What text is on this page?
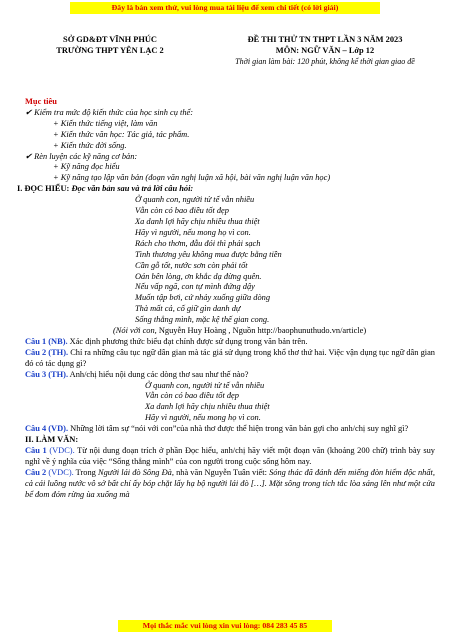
Đây là bản xem thử, vui lòng mua tài liệu để xem chi tiết (có lời giải)
SỞ GD&ĐT VĨNH PHÚC
TRƯỜNG THPT YÊN LẠC 2
ĐỀ THI THỬ TN THPT LẦN 3 NĂM 2023
MÔN: NGỮ VĂN – Lớp 12
Thời gian làm bài: 120 phút, không kể thời gian giao đề

Mục tiêu

✔ Kiểm tra mức độ kiến thức của học sinh cụ thể:

+ Kiến thức tiếng việt, làm văn

+ Kiến thức văn học: Tác giả, tác phẩm.

+ Kiến thức đời sống.

✔ Rèn luyện các kỹ năng cơ bản:

+ Kỹ năng đọc hiểu

+ Kỹ năng tạo lập văn bản (đoạn văn nghị luận xã hội, bài văn nghị luận văn học)

I. ĐỌC HIỂU: Đọc văn bản sau và trả lời câu hỏi:

Ở quanh con, người tử tế vẫn nhiều

Vẫn còn có bao điều tốt đẹp

Xa danh lợi hãy chịu nhiều thua thiệt

Hãy vì người, nếu mong họ vì con.

Rách cho thơm, đẫu đói thì phải sạch

Tình thương yêu không mua được bằng tiền

Cần gỗ tốt, nước sơn còn phải tốt

Oán bên lòng, ơn khắc dạ đừng quên.

Nếu vấp ngã, con tự mình đứng dậy

Muốn tập bơi, cứ nhảy xuống giữa dòng

Thà mất cả, cố giữ gìn danh dự

Sống thẳng mình, mặc kệ thế gian cong.

(Nói với con, Nguyễn Huy Hoàng , Nguồn http://baophunuthudo.vn/article)

Câu 1 (NB). Xác định phương thức biểu đạt chính được sử dụng trong văn bản trên.

Câu 2 (TH). Chỉ ra những câu tục ngữ dân gian mà tác giả sử dụng trong khổ thơ thứ hai. Việc vận dụng tục ngữ dân gian đó có tác dụng gì?

Câu 3 (TH). Anh/chị hiểu nội dung các dòng thơ sau như thế nào?

Ở quanh con, người tử tế vẫn nhiều

Vẫn còn có bao điều tốt đẹp

Xa danh lợi hãy chịu nhiều thua thiệt

Hãy vì người, nếu mong họ vì con.

Câu 4 (VD). Những lời tâm sự “nói với con”của nhà thơ được thể hiện trong văn bản gợi cho anh/chị suy nghĩ gì?

II. LÀM VĂN:

Câu 1 (VDC). Từ nội dung đoạn trích ở phần Đọc hiểu, anh/chị hãy viết một đoạn văn (khoảng 200 chữ) trình bày suy nghĩ về ý nghĩa của việc “Sống thẳng mình” của con người trong cuộc sống hôm nay.

Câu 2 (VDC). Trong Người lái đò Sông Đà, nhà văn Nguyễn Tuân viết: Sóng thác đã đánh đến miếng đòn hiểm độc nhất, cả cái luồng nước vô sở bất chí ấy bóp chặt lấy hạ bộ người lái đò […]. Mặt sông trong tích tắc lòa sáng lên như một cửa bể đom đóm rừng ùa xuống mà

Mọi thắc mắc vui lòng xin vui lòng: 084 283 45 85
